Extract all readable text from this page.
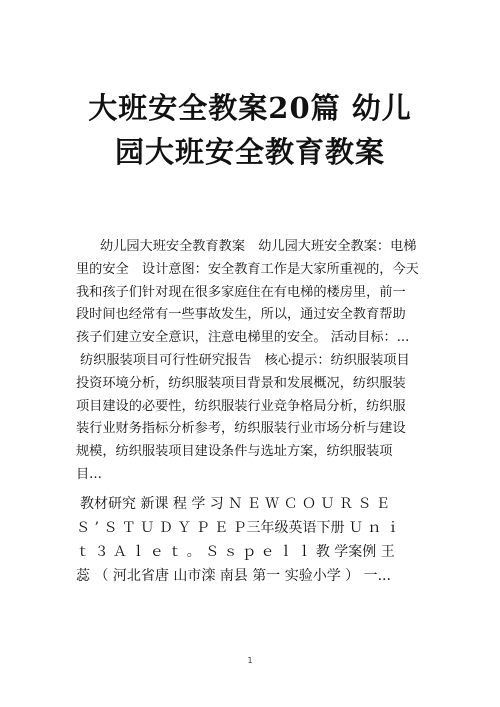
大班安全教案20篇 幼儿
园大班安全教育教案
幼儿园大班安全教育教案　幼儿园大班安全教案：电梯
里的安全　设计意图：安全教育工作是大家所重视的，今天
我和孩子们针对现在很多家庭住在有电梯的楼房里，前一
段时间也经常有一些事故发生，所以，通过安全教育帮助
孩子们建立安全意识，注意电梯里的安全。 活动目标：...
纺织服装项目可行性研究报告　核心提示：纺织服装项目
投资环境分析，纺织服装项目背景和发展概况，纺织服装
项目建设的必要性，纺织服装行业竞争格局分析，纺织服
装行业财务指标分析参考，纺织服装行业市场分析与建设
规模，纺织服装项目建设条件与选址方案，纺织服装项
目...
教材研究 新课 程 学 习 Ｎ Ｅ Ｗ Ｃ Ｏ Ｕ Ｒ Ｓ Ｅ
Ｓ ’ Ｓ Ｔ Ｕ Ｄ Ｙ Ｐ Ｅ Ｐ三年级英语下册 Ｕ ｎ ｉ
ｔ ３ Ａ ｌ ｅ ｔ 。 Ｓ ｓ ｐ ｅ ｌ ｌ 教 学案例 王
蕊 （ 河北省唐 山市滦 南县 第一 实验小学 ） 一...
1
